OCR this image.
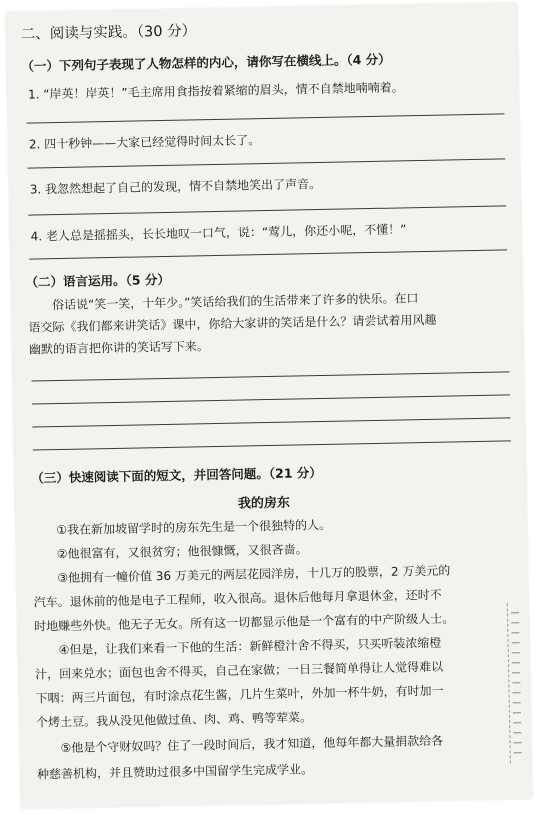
二、阅读与实践。（30 分）
（一）下列句子表现了人物怎样的内心，请你写在横线上。（4 分）
1. “岸英！岸英！”毛主席用食指按着紧缩的眉头，情不自禁地喃喃着。
2. 四十秒钟——大家已经觉得时间太长了。
3. 我忽然想起了自己的发现，情不自禁地笑出了声音。
4. 老人总是摇摇头，长长地叹一口气，说：“莺儿，你还小呢，不懂！”
（二）语言运用。（5 分）
俗话说“笑一笑，十年少。”笑话给我们的生活带来了许多的快乐。在口
语交际《我们都来讲笑话》课中，你给大家讲的笑话是什么？请尝试着用风趣
幽默的语言把你讲的笑话写下来。
（三）快速阅读下面的短文，并回答问题。（21 分）
我的房东
①我在新加坡留学时的房东先生是一个很独特的人。
②他很富有，又很贫穷；他很慷慨，又很吝啬。
③他拥有一幢价值 36 万美元的两层花园洋房，十几万的股票，2 万美元的
汽车。退休前的他是电子工程师，收入很高。退休后他每月拿退休金，还时不
时地赚些外快。他无子无女。所有这一切都显示他是一个富有的中产阶级人士。
④但是，让我们来看一下他的生活：新鲜橙汁舍不得买，只买听装浓缩橙
汁，回来兑水；面包也舍不得买，自己在家做；一日三餐简单得让人觉得难以
下咽：两三片面包，有时涂点花生酱，几片生菜叶，外加一杯牛奶，有时加一
个烤土豆。我从没见他做过鱼、肉、鸡、鸭等荤菜。
⑤他是个守财奴吗？住了一段时间后，我才知道，他每年都大量捐款给各
种慈善机构，并且赞助过很多中国留学生完成学业。
